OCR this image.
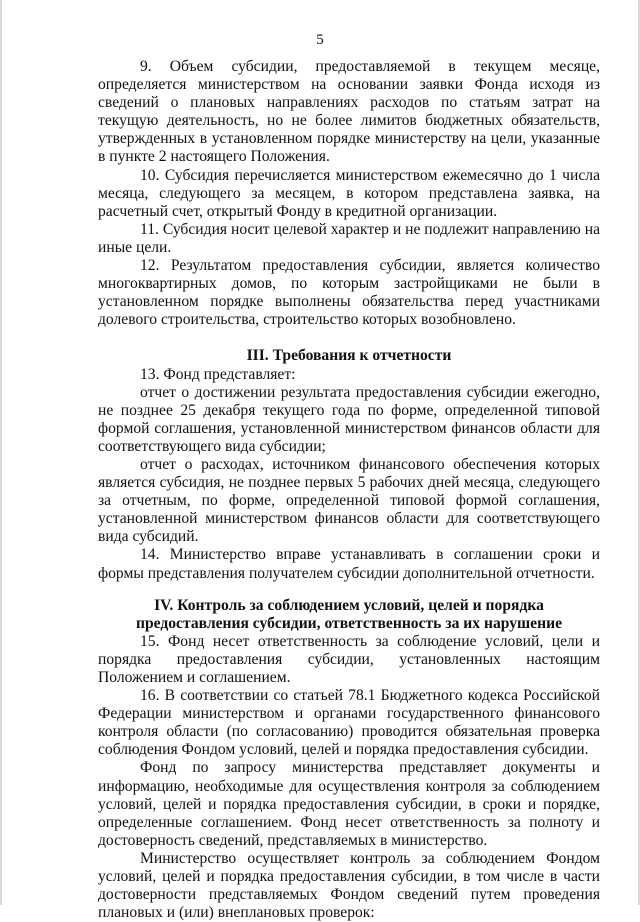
5

9. Объем субсидии, предоставляемой в текущем месяце, определяется министерством на основании заявки Фонда исходя из сведений о плановых направлениях расходов по статьям затрат на текущую деятельность, но не более лимитов бюджетных обязательств, утвержденных в установленном порядке министерству на цели, указанные в пункте 2 настоящего Положения.

10. Субсидия перечисляется министерством ежемесячно до 1 числа месяца, следующего за месяцем, в котором представлена заявка, на расчетный счет, открытый Фонду в кредитной организации.

11. Субсидия носит целевой характер и не подлежит направлению на иные цели.

12. Результатом предоставления субсидии, является количество многоквартирных домов, по которым застройщиками не были в установленном порядке выполнены обязательства перед участниками долевого строительства, строительство которых возобновлено.

III. Требования к отчетности

13. Фонд представляет:

отчет о достижении результата предоставления субсидии ежегодно, не позднее 25 декабря текущего года по форме, определенной типовой формой соглашения, установленной министерством финансов области для соответствующего вида субсидии;

отчет о расходах, источником финансового обеспечения которых является субсидия, не позднее первых 5 рабочих дней месяца, следующего за отчетным, по форме, определенной типовой формой соглашения, установленной министерством финансов области для соответствующего вида субсидий.

14. Министерство вправе устанавливать в соглашении сроки и формы представления получателем субсидии дополнительной отчетности.

IV. Контроль за соблюдением условий, целей и порядка предоставления субсидии, ответственность за их нарушение

15. Фонд несет ответственность за соблюдение условий, цели и порядка предоставления субсидии, установленных настоящим Положением и соглашением.

16. В соответствии со статьей 78.1 Бюджетного кодекса Российской Федерации министерством и органами государственного финансового контроля области (по согласованию) проводится обязательная проверка соблюдения Фондом условий, целей и порядка предоставления субсидии.

Фонд по запросу министерства представляет документы и информацию, необходимые для осуществления контроля за соблюдением условий, целей и порядка предоставления субсидии, в сроки и порядке, определенные соглашением. Фонд несет ответственность за полноту и достоверность сведений, представляемых в министерство.

Министерство осуществляет контроль за соблюдением Фондом условий, целей и порядка предоставления субсидии, в том числе в части достоверности представляемых Фондом сведений путем проведения плановых и (или) внеплановых проверок:
